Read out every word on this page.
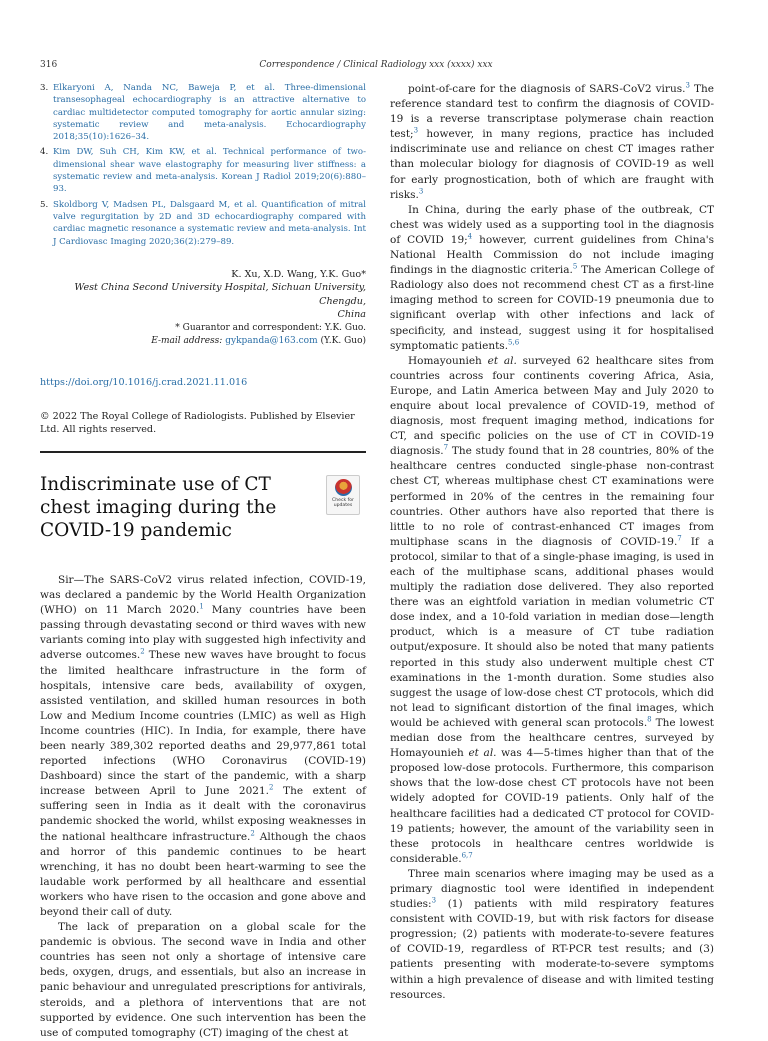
316	Correspondence / Clinical Radiology xxx (xxxx) xxx
3. Elkaryoni A, Nanda NC, Baweja P, et al. Three-dimensional transesophageal echocardiography is an attractive alternative to cardiac multidetector computed tomography for aortic annular sizing: systematic review and meta-analysis. Echocardiography 2018;35(10):1626–34.
4. Kim DW, Suh CH, Kim KW, et al. Technical performance of two-dimensional shear wave elastography for measuring liver stiffness: a systematic review and meta-analysis. Korean J Radiol 2019;20(6):880–93.
5. Skoldborg V, Madsen PL, Dalsgaard M, et al. Quantification of mitral valve regurgitation by 2D and 3D echocardiography compared with cardiac magnetic resonance a systematic review and meta-analysis. Int J Cardiovasc Imaging 2020;36(2):279–89.
K. Xu, X.D. Wang, Y.K. Guo*
West China Second University Hospital, Sichuan University, Chengdu,
China
* Guarantor and correspondent: Y.K. Guo.
E-mail address: gykpanda@163.com (Y.K. Guo)
https://doi.org/10.1016/j.crad.2021.11.016
© 2022 The Royal College of Radiologists. Published by Elsevier Ltd. All rights reserved.
Indiscriminate use of CT chest imaging during the COVID-19 pandemic
Check for
updates

Sir—The SARS-CoV2 virus related infection, COVID-19, was declared a pandemic by the World Health Organization (WHO) on 11 March 2020.$^1$ Many countries have been passing through devastating second or third waves with new variants coming into play with suggested high infectivity and adverse outcomes.$^2$ These new waves have brought to focus the limited healthcare infrastructure in the form of hospitals, intensive care beds, availability of oxygen, assisted ventilation, and skilled human resources in both Low and Medium Income countries (LMIC) as well as High Income countries (HIC). In India, for example, there have been nearly 389,302 reported deaths and 29,977,861 total reported infections (WHO Coronavirus (COVID-19) Dashboard) since the start of the pandemic, with a sharp increase between April to June 2021.$^2$ The extent of suffering seen in India as it dealt with the coronavirus pandemic shocked the world, whilst exposing weaknesses in the national healthcare infrastructure.$^2$ Although the chaos and horror of this pandemic continues to be heart wrenching, it has no doubt been heart-warming to see the laudable work performed by all healthcare and essential workers who have risen to the occasion and gone above and beyond their call of duty.

The lack of preparation on a global scale for the pandemic is obvious. The second wave in India and other countries has seen not only a shortage of intensive care beds, oxygen, drugs, and essentials, but also an increase in panic behaviour and unregulated prescriptions for antivirals, steroids, and a plethora of interventions that are not supported by evidence. One such intervention has been the use of computed tomography (CT) imaging of the chest at

point-of-care for the diagnosis of SARS-CoV2 virus.$^3$ The reference standard test to confirm the diagnosis of COVID-19 is a reverse transcriptase polymerase chain reaction test;$^3$ however, in many regions, practice has included indiscriminate use and reliance on chest CT images rather than molecular biology for diagnosis of COVID-19 as well for early prognostication, both of which are fraught with risks.$^3$

In China, during the early phase of the outbreak, CT chest was widely used as a supporting tool in the diagnosis of COVID 19;$^4$ however, current guidelines from China's National Health Commission do not include imaging findings in the diagnostic criteria.$^5$ The American College of Radiology also does not recommend chest CT as a first-line imaging method to screen for COVID-19 pneumonia due to significant overlap with other infections and lack of specificity, and instead, suggest using it for hospitalised symptomatic patients.$^{5,6}$

Homayounieh et al. surveyed 62 healthcare sites from countries across four continents covering Africa, Asia, Europe, and Latin America between May and July 2020 to enquire about local prevalence of COVID-19, method of diagnosis, most frequent imaging method, indications for CT, and specific policies on the use of CT in COVID-19 diagnosis.$^7$ The study found that in 28 countries, 80% of the healthcare centres conducted single-phase non-contrast chest CT, whereas multiphase chest CT examinations were performed in 20% of the centres in the remaining four countries. Other authors have also reported that there is little to no role of contrast-enhanced CT images from multiphase scans in the diagnosis of COVID-19.$^7$ If a protocol, similar to that of a single-phase imaging, is used in each of the multiphase scans, additional phases would multiply the radiation dose delivered. They also reported there was an eightfold variation in median volumetric CT dose index, and a 10-fold variation in median dose—length product, which is a measure of CT tube radiation output/exposure. It should also be noted that many patients reported in this study also underwent multiple chest CT examinations in the 1-month duration. Some studies also suggest the usage of low-dose chest CT protocols, which did not lead to significant distortion of the final images, which would be achieved with general scan protocols.$^8$ The lowest median dose from the healthcare centres, surveyed by Homayounieh et al. was 4—5-times higher than that of the proposed low-dose protocols. Furthermore, this comparison shows that the low-dose chest CT protocols have not been widely adopted for COVID-19 patients. Only half of the healthcare facilities had a dedicated CT protocol for COVID-19 patients; however, the amount of the variability seen in these protocols in healthcare centres worldwide is considerable.$^{6,7}$

Three main scenarios where imaging may be used as a primary diagnostic tool were identified in independent studies:$^3$ (1) patients with mild respiratory features consistent with COVID-19, but with risk factors for disease progression; (2) patients with moderate-to-severe features of COVID-19, regardless of RT-PCR test results; and (3) patients presenting with moderate-to-severe symptoms within a high prevalence of disease and with limited testing resources.
